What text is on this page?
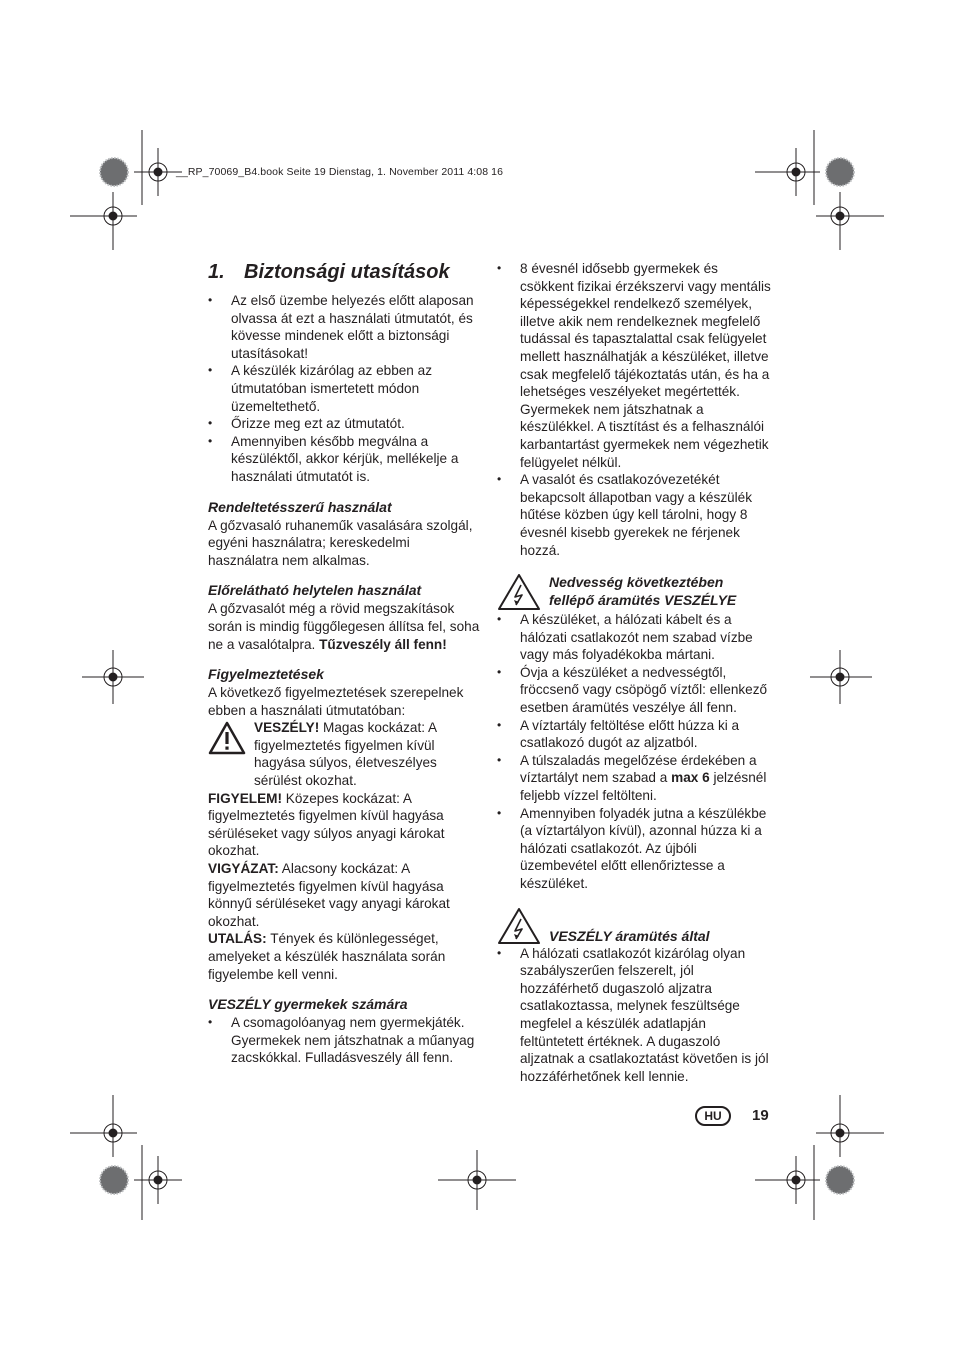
__RP_70069_B4.book Seite 19 Dienstag, 1. November 2011 4:08 16
1. Biztonsági utasítások
• Az első üzembe helyezés előtt alaposan olvassa át ezt a használati útmutatót, és kövesse mindenek előtt a biztonsági utasításokat!
• A készülék kizárólag az ebben az útmutatóban ismertetett módon üzemeltethető.
• Őrizze meg ezt az útmutatót.
• Amennyiben később megválna a készüléktől, akkor kérjük, mellékelje a használati útmutatót is.
Rendeltetésszerű használat

A gőzvasaló ruhaneműk vasalására szolgál, egyéni használatra; kereskedelmi használatra nem alkalmas.

Előrelátható helytelen használat

A gőzvasalót még a rövid megszakítások során is mindig függőlegesen állítsa fel, soha ne a vasalótalpra. Tűzveszély áll fenn!

Figyelmeztetések

A következő figyelmeztetések szerepelnek ebben a használati útmutatóban:

VESZÉLY! Magas kockázat: A figyelmeztetés figyelmen kívül hagyása súlyos, életveszélyes sérülést okozhat.

FIGYELEM! Közepes kockázat: A figyelmeztetés figyelmen kívül hagyása sérüléseket vagy súlyos anyagi károkat okozhat.

VIGYÁZAT: Alacsony kockázat: A figyelmeztetés figyelmen kívül hagyása könnyű sérüléseket vagy anyagi károkat okozhat.

UTALÁS: Tények és különlegességet, amelyeket a készülék használata során figyelembe kell venni.

VESZÉLY gyermekek számára
• A csomagolóanyag nem gyermekjáték. Gyermekek nem játszhatnak a műanyag zacskókkal. Fulladásveszély áll fenn.
• 8 évesnél idősebb gyermekek és csökkent fizikai érzékszervi vagy mentális képességekkel rendelkező személyek, illetve akik nem rendelkeznek megfelelő tudással és tapasztalattal csak felügyelet mellett használhatják a készüléket, illetve csak megfelelő tájékoztatás után, és ha a lehetséges veszélyeket megértették. Gyermekek nem játszhatnak a készülékkel. A tisztítást és a felhasználói karbantartást gyermekek nem végezhetik felügyelet nélkül.
• A vasalót és csatlakozóvezetékét bekapcsolt állapotban vagy a készülék hűtése közben úgy kell tárolni, hogy 8 évesnél kisebb gyerekek ne férjenek hozzá.
Nedvesség következtében fellépő áramütés VESZÉLYE
• A készüléket, a hálózati kábelt és a hálózati csatlakozót nem szabad vízbe vagy más folyadékokba mártani.
• Óvja a készüléket a nedvességtől, fröccsenő vagy csöpögő víztől: ellenkező esetben áramütés veszélye áll fenn.
• A víztartály feltöltése előtt húzza ki a csatlakozó dugót az aljzatból.
• A túlszaladás megelőzése érdekében a víztartályt nem szabad a max 6 jelzésnél feljebb vízzel feltölteni.
• Amennyiben folyadék jutna a készülékbe (a víztartályon kívül), azonnal húzza ki a hálózati csatlakozót. Az újbóli üzembevétel előtt ellenőriztesse a készüléket.
VESZÉLY áramütés által
• A hálózati csatlakozót kizárólag olyan szabályszerűen felszerelt, jól hozzáférhető dugaszoló aljzatra csatlakoztassa, melynek feszültsége megfelel a készülék adatlapján feltüntetett értéknek. A dugaszoló aljzatnak a csatlakoztatást követően is jól hozzáférhetőnek kell lennie.
HU	19
